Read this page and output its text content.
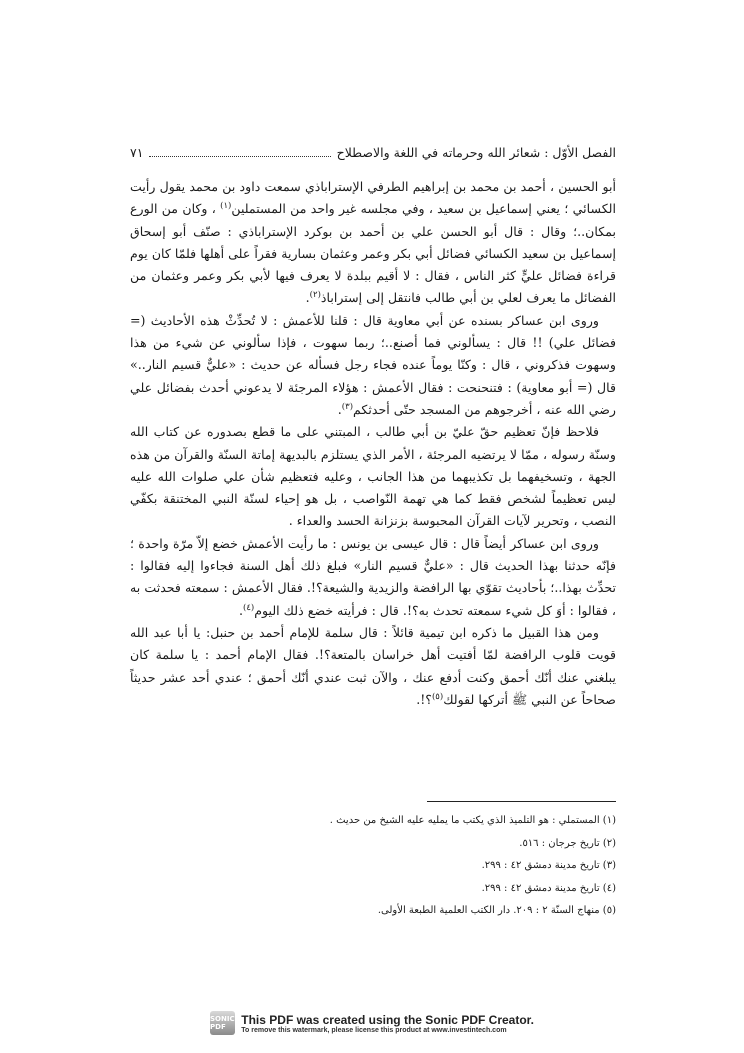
الفصل الأوّل : شعائر الله وحرماته في اللغة والاصطلاح
٧١

أبو الحسين ، أحمد بن محمد بن إبراهيم الطرفي الإستراباذي سمعت داود بن محمد يقول رأيت الكسائي ؛ يعني إسماعيل بن سعيد ، وفي مجلسه غير واحد من المستملين$^{(١)}$ ، وكان من الورع بمكان..؛ وقال : قال أبو الحسن علي بن أحمد بن بوكرد الإستراباذي : صنّف أبو إسحاق إسماعيل بن سعيد الكسائي فضائل أبي بكر وعمر وعثمان بسارية فقراً على أهلها فلمّا كان يوم قراءة فضائل عليٍّ كثر الناس ، فقال : لا أقيم ببلدة لا يعرف فيها لأبي بكر وعمر وعثمان من الفضائل ما يعرف لعلي بن أبي طالب فانتقل إلى إستراباذ$^{(٢)}$.

وروى ابن عساكر بسنده عن أبي معاوية قال : قلنا للأعمش : لا تُحدِّثْ هذه الأحاديث (= فضائل علي) !! قال : يسألوني فما أصنع..؛ ربما سهوت ، فإذا سألوني عن شيء من هذا وسهوت فذكروني ، قال : وكنّا يوماً عنده فجاء رجل فسأله عن حديث : «عليٌّ قسيم النار..» قال (= أبو معاوية) : فتنحنحت : فقال الأعمش : هؤلاء المرجئة لا يدعوني أحدث بفضائل علي رضي الله عنه ، أخرجوهم من المسجد حتّى أحدثكم$^{(٣)}$.

فلاحظ فإنّ تعظيم حقّ عليّ بن أبي طالب ، المبتني على ما قطع بصدوره عن كتاب الله وسنّة رسوله ، ممّا لا يرتضيه المرجئة ، الأمر الذي يستلزم بالبديهة إماتة السنّة والقرآن من هذه الجهة ، وتسخيفهما بل تكذيبهما من هذا الجانب ، وعليه فتعظيم شأن علي صلوات الله عليه ليس تعظيماً لشخص فقط كما هي تهمة النّواصب ، بل هو إحياء لسنّة النبي المختنقة بكفّي النصب ، وتحرير لآيات القرآن المحبوسة بزنزانة الحسد والعداء .

وروى ابن عساكر أيضاً قال : قال عيسى بن يونس : ما رأيت الأعمش خضع إلاّ مرّة واحدة ؛ فإنّه حدثنا بهذا الحديث قال : «عليٌّ قسيم النار» فبلغ ذلك أهل السنة فجاءوا إليه فقالوا : تحدِّث بهذا..؛ بأحاديث تقوّي بها الرافضة والزيدية والشيعة؟!. فقال الأعمش : سمعته فحدثت به ، فقالوا : أوَ كل شيء سمعته تحدث به؟!. قال : فرأيته خضع ذلك اليوم$^{(٤)}$.

ومن هذا القبيل ما ذكره ابن تيمية قائلاً : قال سلمة للإمام أحمد بن حنبل: يا أبا عبد الله قويت قلوب الرافضة لمّا أفتيت أهل خراسان بالمتعة؟!. فقال الإمام أحمد : يا سلمة كان يبلغني عنك أنّك أحمق وكنت أدفع عنك ، والآن ثبت عندي أنّك أحمق ؛ عندي أحد عشر حديثاً صحاحاً عن النبي ﷺ أتركها لقولك$^{(٥)}$؟!.

(١) المستملي : هو التلميذ الذي يكتب ما يمليه عليه الشيخ من حديث .
(٢) تاريخ جرجان : ٥١٦.
(٣) تاريخ مدينة دمشق ٤٢ : ٢٩٩.
(٤) تاريخ مدينة دمشق ٤٢ : ٢٩٩.
(٥) منهاج السنّة ٢ : ٢٠٩. دار الكتب العلمية الطبعة الأولى.
SONIC PDF
This PDF was created using the Sonic PDF Creator.
To remove this watermark, please license this product at www.investintech.com
